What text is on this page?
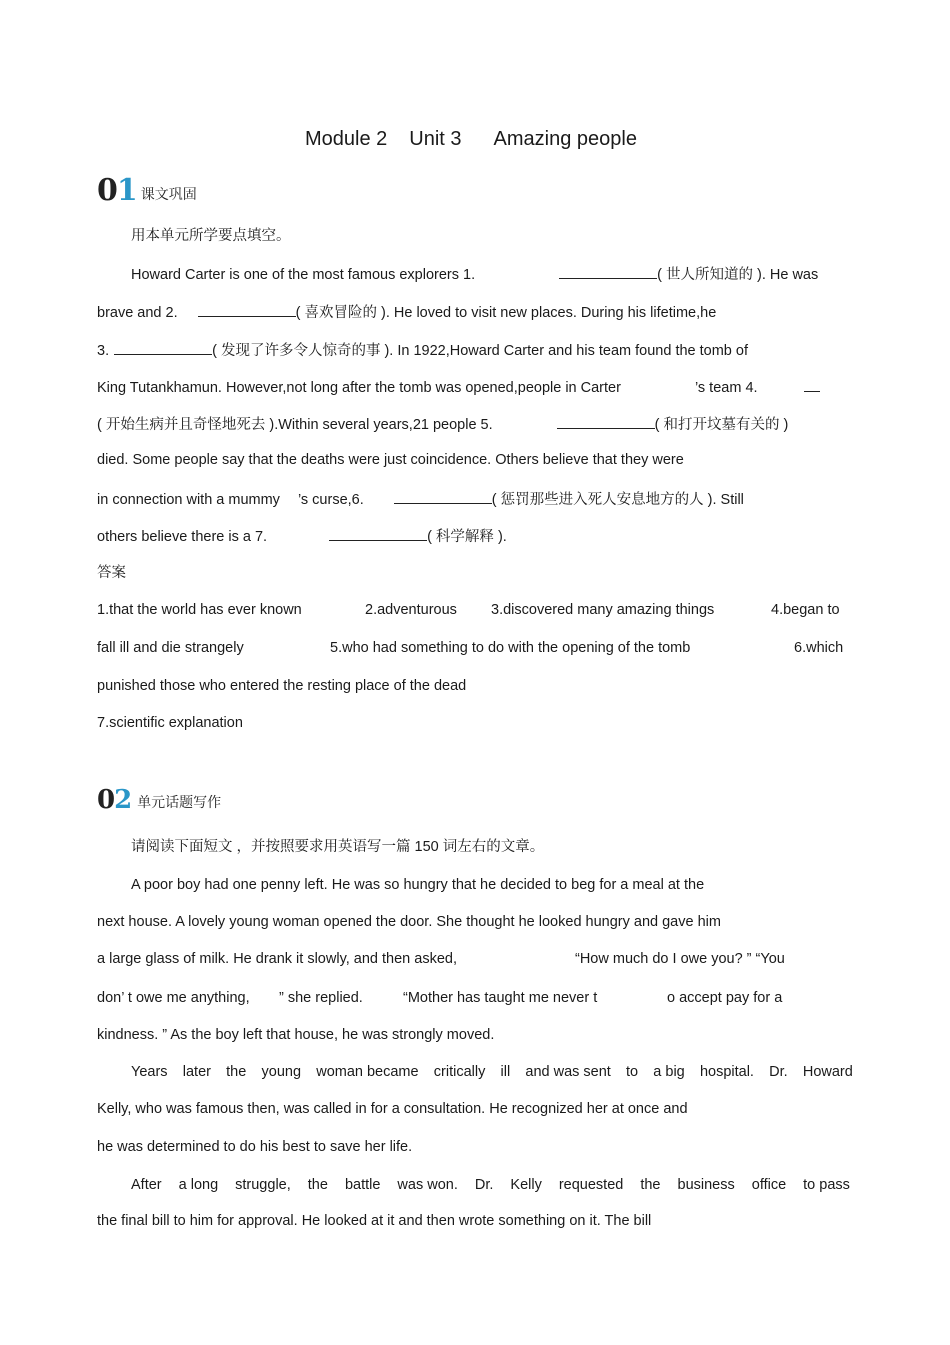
Module 2 Unit 3 Amazing people
01 课文巩固
用本单元所学要点填空。
Howard Carter is one of the most famous explorers 1.	( 世人所知道的 ). He was
brave and 2.	( 喜欢冒险的 ). He loved to visit new places. During his lifetime,he
3.	( 发现了许多令人惊奇的事 ). In 1922,Howard Carter and his team found the tomb of
King Tutankhamun. However,not long after the tomb was opened,people in Carter	’s team 4.
( 开始生病并且奇怪地死去 ).Within several years,21 people 5.	( 和打开坟墓有关的 )
died. Some people say that the deaths were just coincidence. Others believe that they were
in connection with a mummy ’s curse,6.	( 惩罚那些进入死人安息地方的人 ). Still
others believe there is a 7.	( 科学解释 ).
答案
1.that the world has ever known	2.adventurous 3.discovered many amazing things	4.began to
fall ill and die strangely	5.who had something to do with the opening of the tomb	6.which
punished those who entered the resting place of the dead
7.scientific explanation
02 单元话题写作
请阅读下面短文 ，并按照要求用英语写一篇 150 词左右的文章。
A poor boy had one penny left. He was so hungry that he decided to beg for a meal at the
next house. A lovely young woman opened the door. She thought he looked hungry and gave him
a large glass of milk. He drank it slowly, and then asked,	“How much do I owe you? ” “You
don’ t owe me anything, ” she replied.	“Mother has taught me never t	o accept pay for a
kindness. ” As the boy left that house, he was strongly moved.
Years later the young woman became critically ill and was sent to a big hospital. Dr. Howard
Kelly, who was famous then, was called in for a consultation. He recognized her at once and
he was determined to do his best to save her life.
After a long struggle, the battle was won. Dr. Kelly requested the business office to pass
the final bill to him for approval. He looked at it and then wrote something on it. The bill
